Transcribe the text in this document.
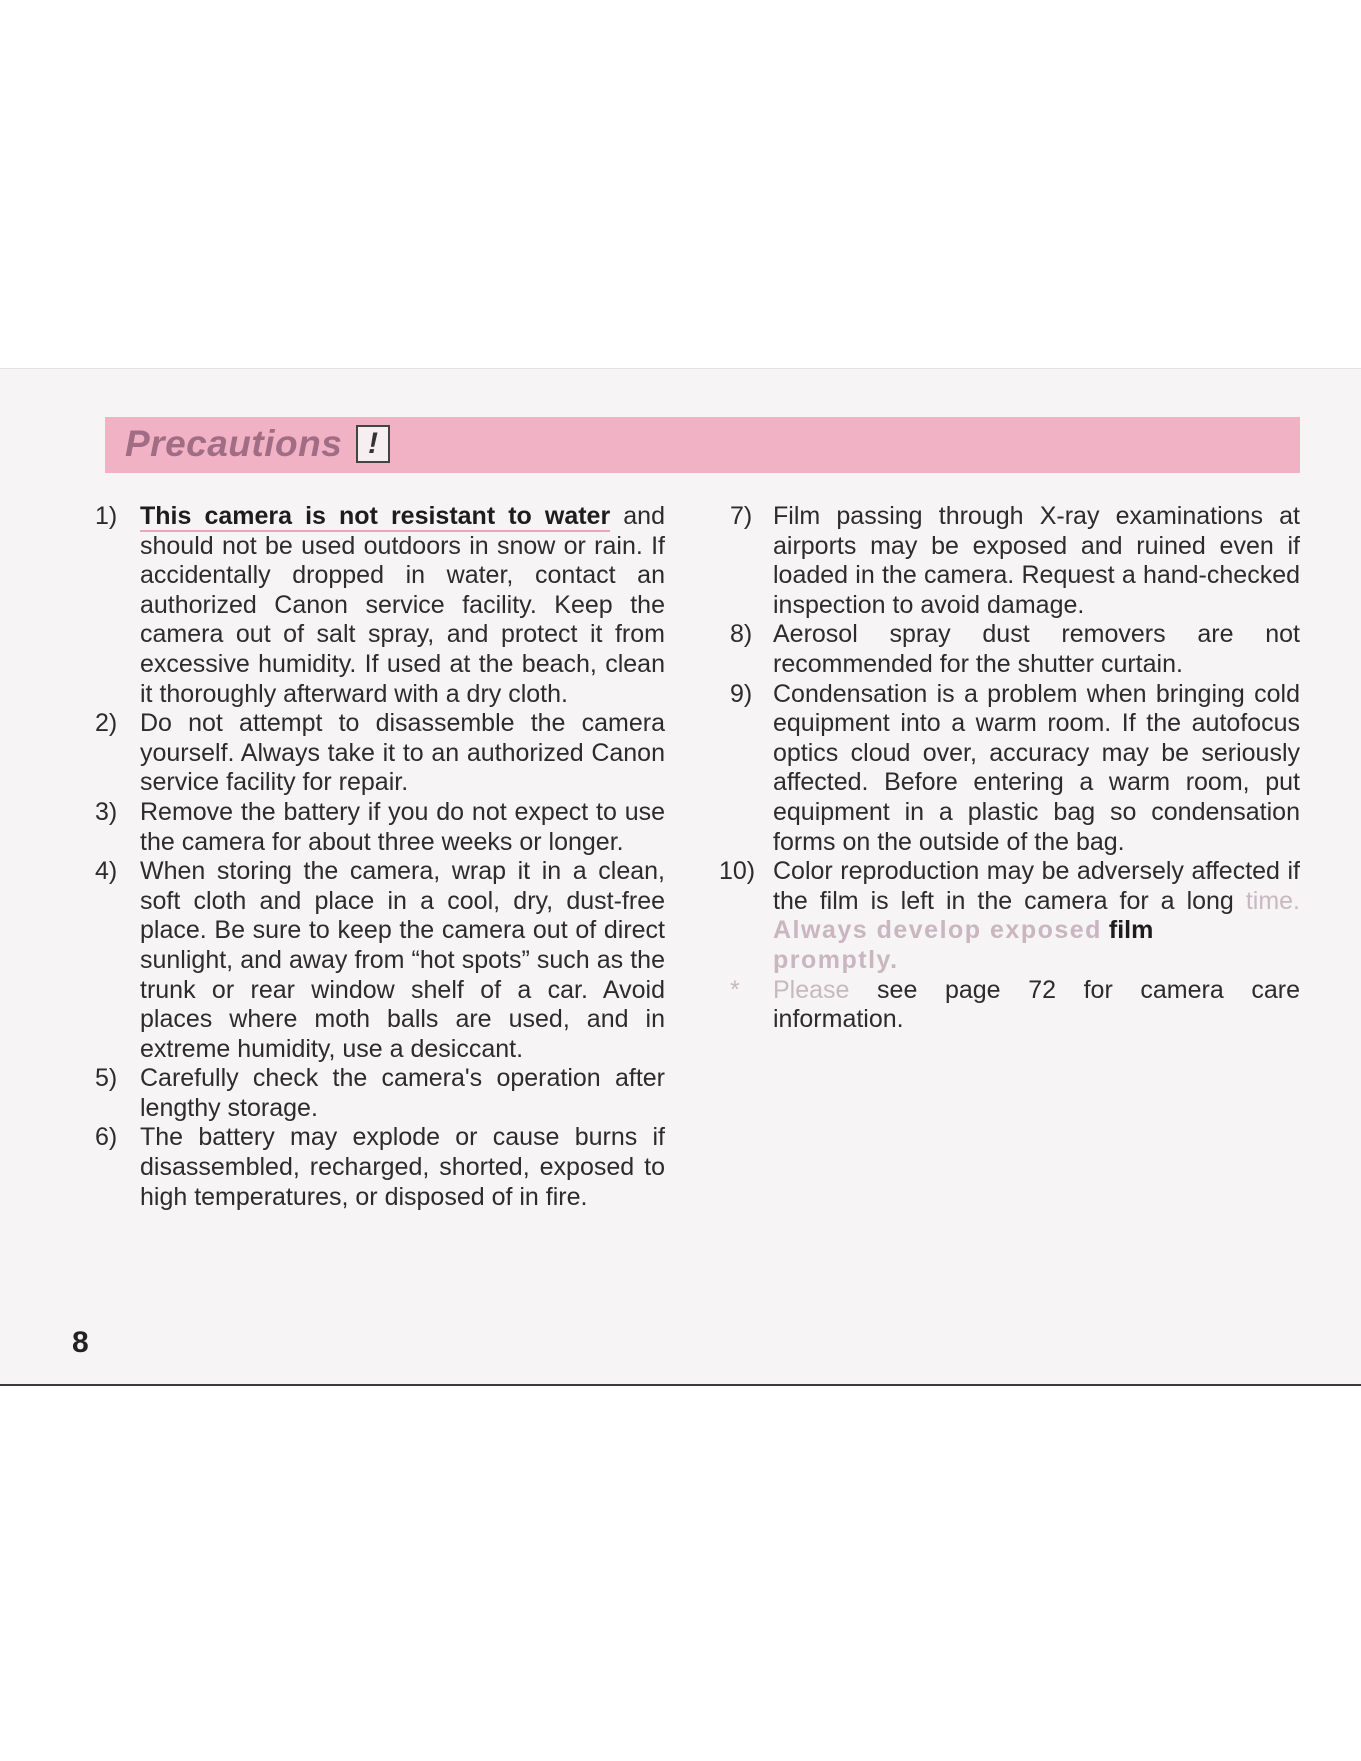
Precautions !
1) This camera is not resistant to water and should not be used outdoors in snow or rain. If accidentally dropped in water, contact an authorized Canon service facility. Keep the camera out of salt spray, and protect it from excessive humidity. If used at the beach, clean it thoroughly afterward with a dry cloth.
2) Do not attempt to disassemble the camera yourself. Always take it to an authorized Canon service facility for repair.
3) Remove the battery if you do not expect to use the camera for about three weeks or longer.
4) When storing the camera, wrap it in a clean, soft cloth and place in a cool, dry, dust-free place. Be sure to keep the camera out of direct sunlight, and away from “hot spots” such as the trunk or rear window shelf of a car. Avoid places where moth balls are used, and in extreme humidity, use a desiccant.
5) Carefully check the camera's operation after lengthy storage.
6) The battery may explode or cause burns if disassembled, recharged, shorted, exposed to high temperatures, or disposed of in fire.
7) Film passing through X-ray examinations at airports may be exposed and ruined even if loaded in the camera. Request a hand-checked inspection to avoid damage.
8) Aerosol spray dust removers are not recommended for the shutter curtain.
9) Condensation is a problem when bringing cold equipment into a warm room. If the autofocus optics cloud over, accuracy may be seriously affected. Before entering a warm room, put equipment in a plastic bag so condensation forms on the outside of the bag.
10) Color reproduction may be adversely affected if the film is left in the camera for a long time. Always develop exposed film
promptly.
* Please see page 72 for camera care information.
8
